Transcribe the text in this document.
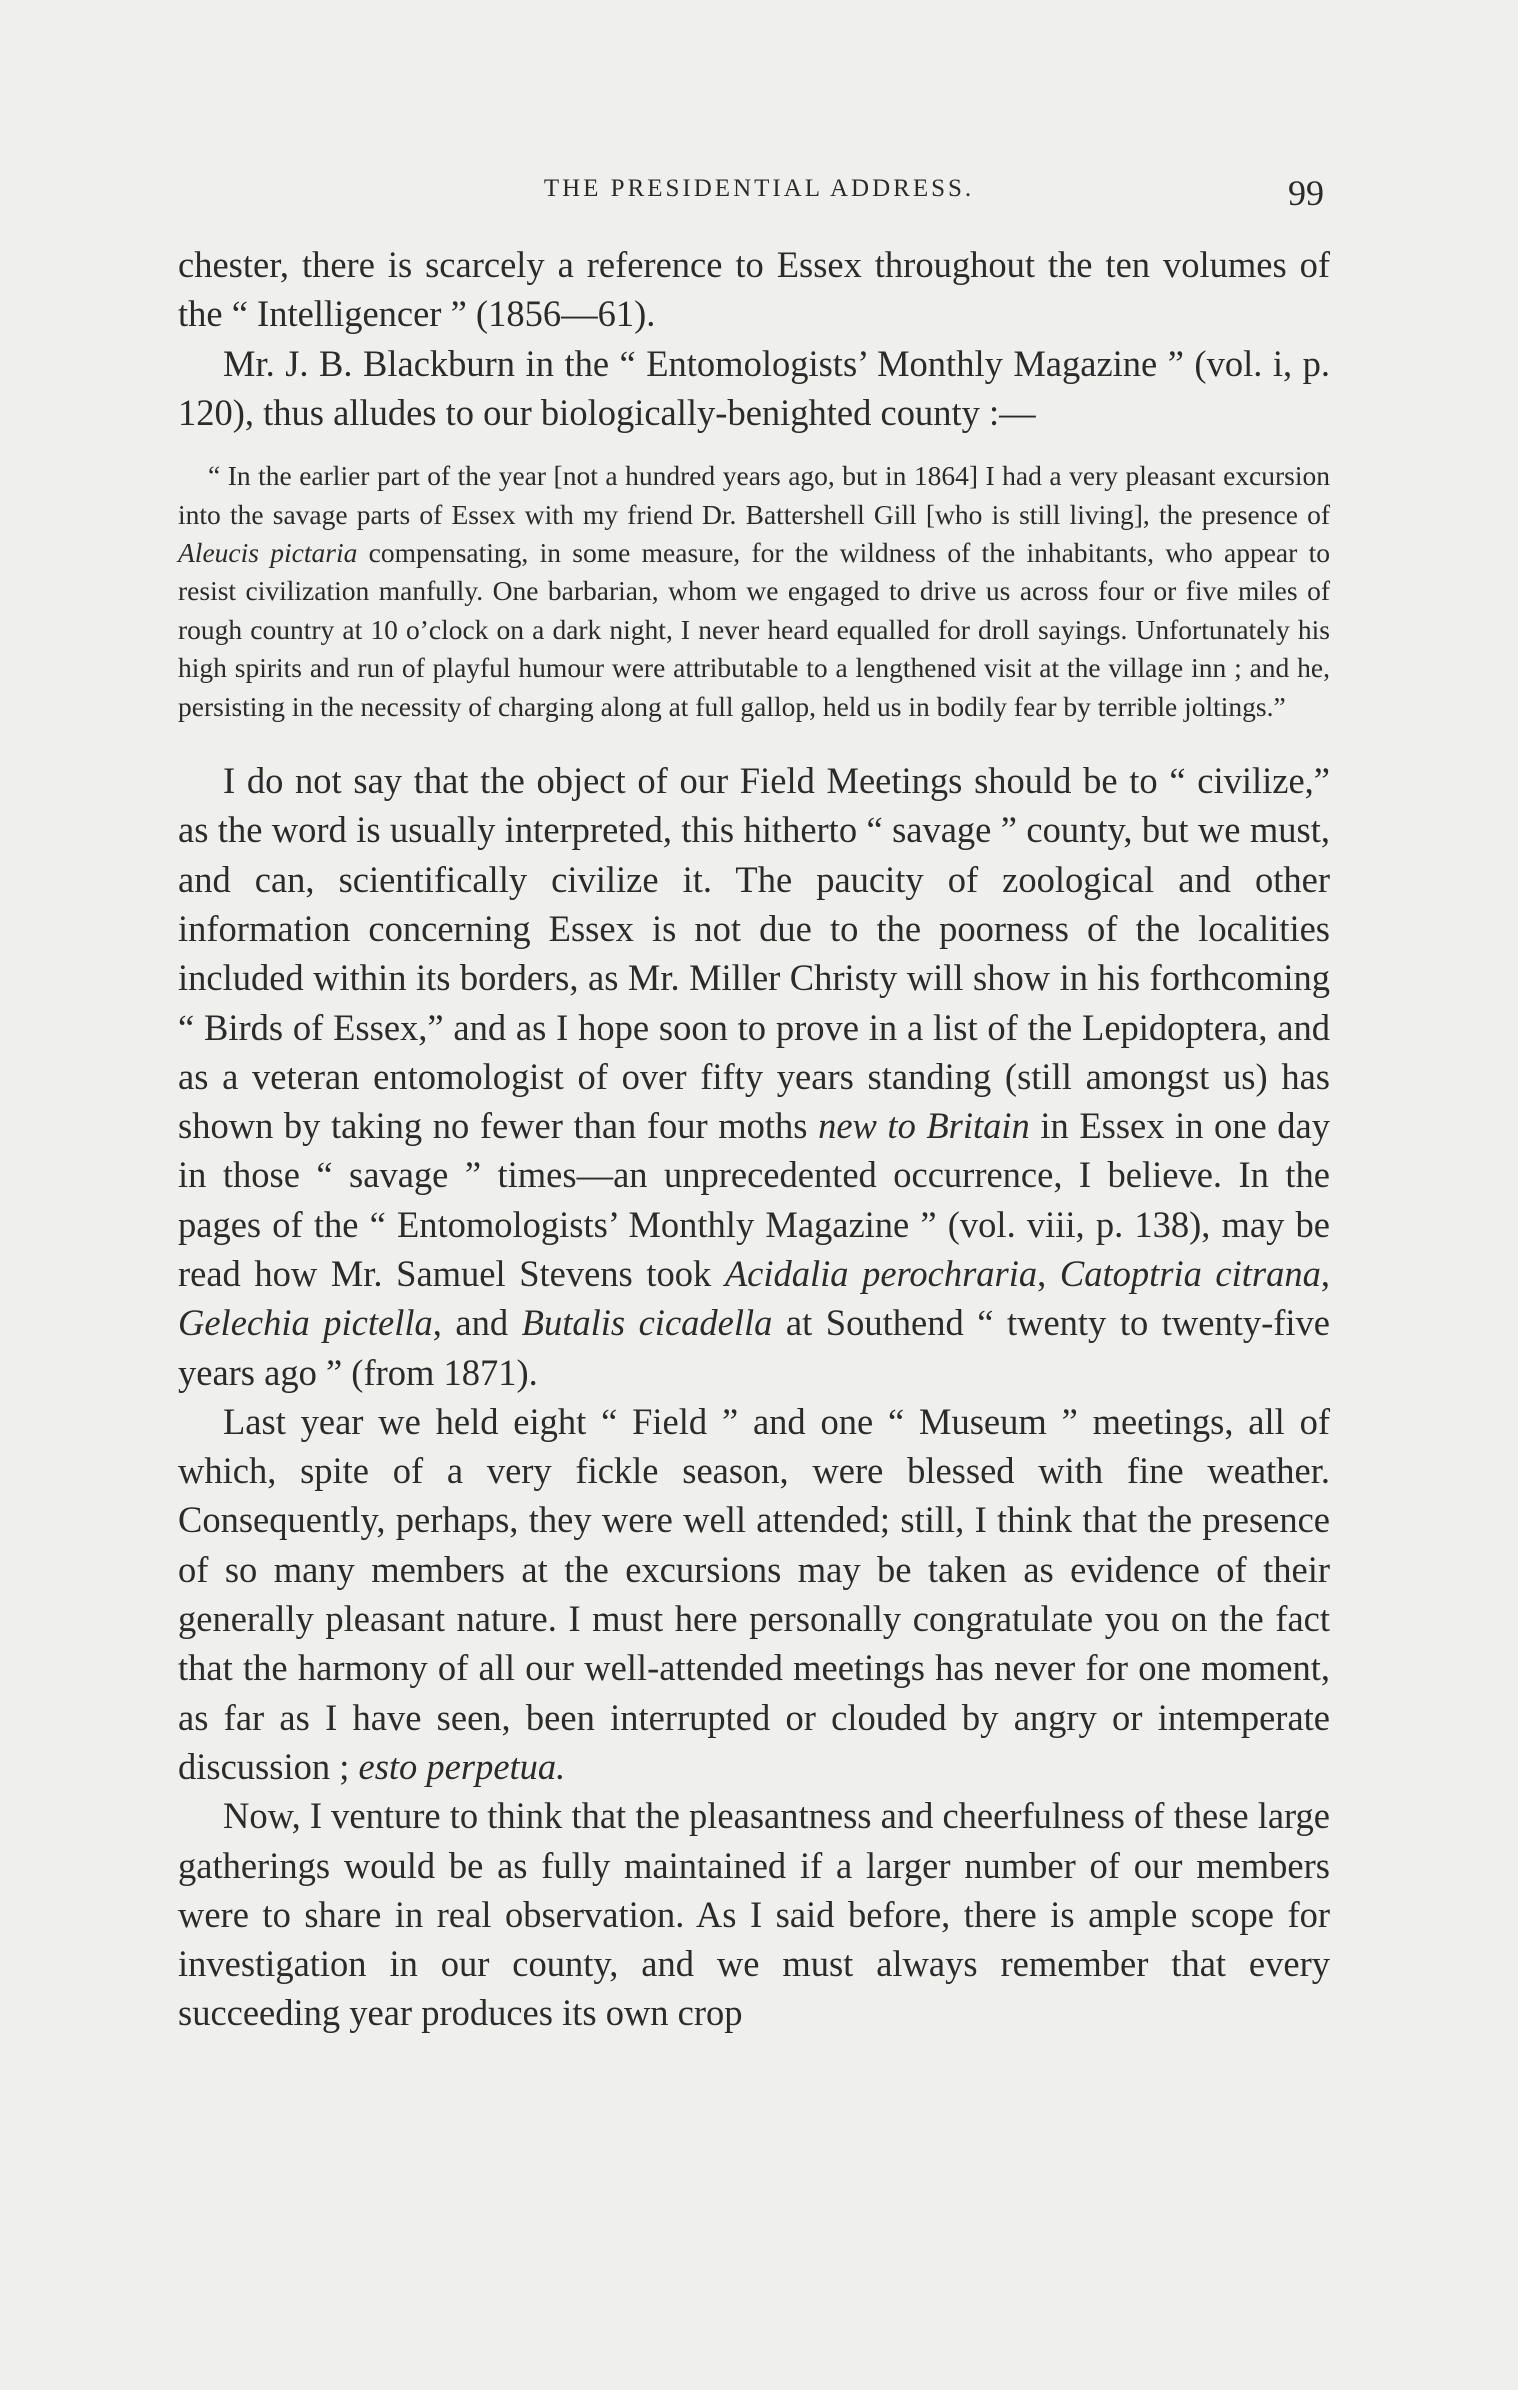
THE PRESIDENTIAL ADDRESS.	99

chester, there is scarcely a reference to Essex throughout the ten volumes of the “ Intelligencer ” (1856—61).

Mr. J. B. Blackburn in the “ Entomologists’ Monthly Magazine ” (vol. i, p. 120), thus alludes to our biologically-benighted county :—

“ In the earlier part of the year [not a hundred years ago, but in 1864] I had a very pleasant excursion into the savage parts of Essex with my friend Dr. Battershell Gill [who is still living], the presence of Aleucis pictaria compensating, in some measure, for the wildness of the inhabitants, who appear to resist civilization manfully. One barbarian, whom we engaged to drive us across four or five miles of rough country at 10 o’clock on a dark night, I never heard equalled for droll sayings. Unfortunately his high spirits and run of playful humour were attributable to a lengthened visit at the village inn ; and he, persisting in the necessity of charging along at full gallop, held us in bodily fear by terrible joltings.”

I do not say that the object of our Field Meetings should be to “ civilize,” as the word is usually interpreted, this hitherto “ savage ” county, but we must, and can, scientifically civilize it. The paucity of zoological and other information concerning Essex is not due to the poorness of the localities included within its borders, as Mr. Miller Christy will show in his forthcoming “ Birds of Essex,” and as I hope soon to prove in a list of the Lepidoptera, and as a veteran entomologist of over fifty years standing (still amongst us) has shown by taking no fewer than four moths new to Britain in Essex in one day in those “ savage ” times—an unprecedented occurrence, I believe. In the pages of the “ Entomologists’ Monthly Magazine ” (vol. viii, p. 138), may be read how Mr. Samuel Stevens took Acidalia perochraria, Catoptria citrana, Gelechia pictella, and Butalis cicadella at Southend “ twenty to twenty-five years ago ” (from 1871).

Last year we held eight “ Field ” and one “ Museum ” meetings, all of which, spite of a very fickle season, were blessed with fine weather. Consequently, perhaps, they were well attended; still, I think that the presence of so many members at the excursions may be taken as evidence of their generally pleasant nature. I must here personally congratulate you on the fact that the harmony of all our well-attended meetings has never for one moment, as far as I have seen, been interrupted or clouded by angry or intemperate discussion ; esto perpetua.

Now, I venture to think that the pleasantness and cheerfulness of these large gatherings would be as fully maintained if a larger number of our members were to share in real observation. As I said before, there is ample scope for investigation in our county, and we must always remember that every succeeding year produces its own crop
